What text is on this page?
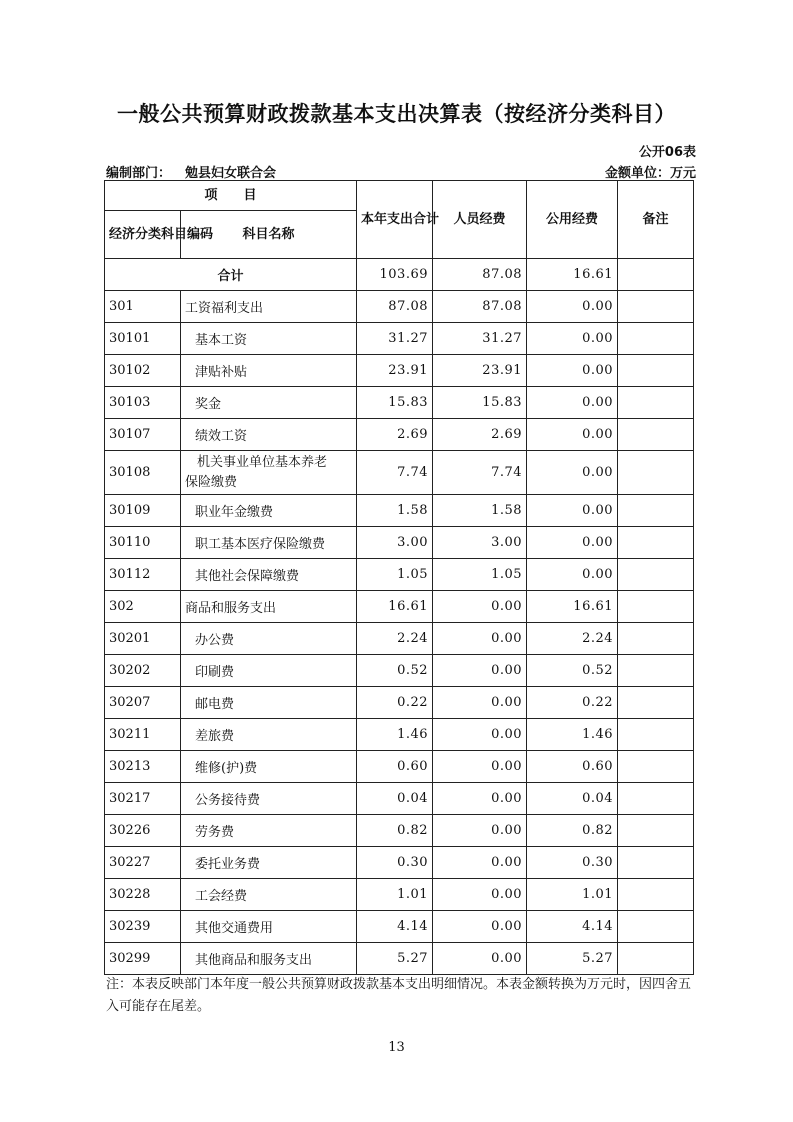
一般公共预算财政拨款基本支出决算表（按经济分类科目）
公开06表
编制部门： 勉县妇女联合会	金额单位：万元
项　　目		本年支出合计	人员经费	公用经费	备注
经济分类科目编码	科目名称				
合计		103.69	87.08	16.61	
301	工资福利支出	87.08	87.08	0.00	
30101	基本工资	31.27	31.27	0.00	
30102	津贴补贴	23.91	23.91	0.00	
30103	奖金	15.83	15.83	0.00	
30107	绩效工资	2.69	2.69	0.00	
30108	机关事业单位基本养老
保险缴费	7.74	7.74	0.00	
30109	职业年金缴费	1.58	1.58	0.00	
30110	职工基本医疗保险缴费	3.00	3.00	0.00	
30112	其他社会保障缴费	1.05	1.05	0.00	
302	商品和服务支出	16.61	0.00	16.61	
30201	办公费	2.24	0.00	2.24	
30202	印刷费	0.52	0.00	0.52	
30207	邮电费	0.22	0.00	0.22	
30211	差旅费	1.46	0.00	1.46	
30213	维修(护)费	0.60	0.00	0.60	
30217	公务接待费	0.04	0.00	0.04	
30226	劳务费	0.82	0.00	0.82	
30227	委托业务费	0.30	0.00	0.30	
30228	工会经费	1.01	0.00	1.01	
30239	其他交通费用	4.14	0.00	4.14	
30299	其他商品和服务支出	5.27	0.00	5.27	
注：本表反映部门本年度一般公共预算财政拨款基本支出明细情况。本表金额转换为万元时，因四舍五入可能存在尾差。
13
